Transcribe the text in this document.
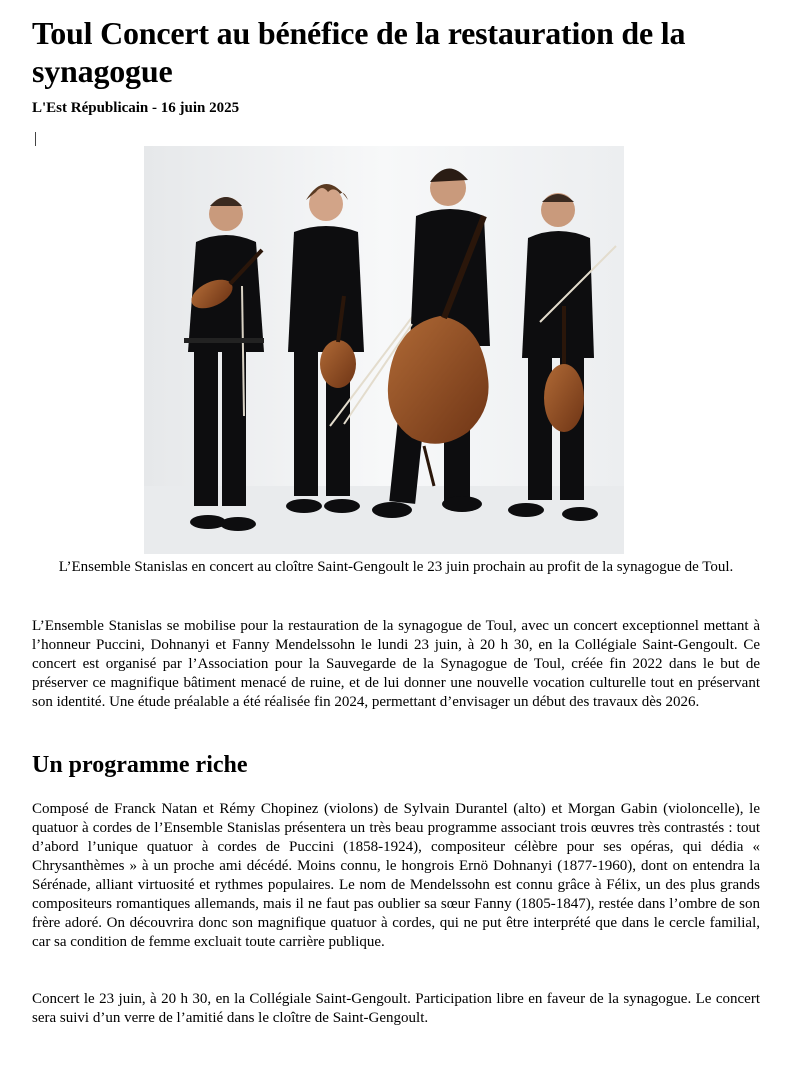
Toul Concert au bénéfice de la restauration de la synagogue
L'Est Républicain - 16 juin 2025
L’Ensemble Stanislas en concert au cloître Saint-Gengoult le 23 juin prochain au profit de la synagogue de Toul.

L’Ensemble Stanislas se mobilise pour la restauration de la synagogue de Toul, avec un concert exceptionnel mettant à l’honneur Puccini, Dohnanyi et Fanny Mendelssohn le lundi 23 juin, à 20 h 30, en la Collégiale Saint-Gengoult. Ce concert est organisé par l’Association pour la Sauvegarde de la Synagogue de Toul, créée fin 2022 dans le but de préserver ce magnifique bâtiment menacé de ruine, et de lui donner une nouvelle vocation culturelle tout en préservant son identité. Une étude préalable a été réalisée fin 2024, permettant d’envisager un début des travaux dès 2026.

Un programme riche

Composé de Franck Natan et Rémy Chopinez (violons) de Sylvain Durantel (alto) et Morgan Gabin (violoncelle), le quatuor à cordes de l’Ensemble Stanislas présentera un très beau programme associant trois œuvres très contrastés : tout d’abord l’unique quatuor à cordes de Puccini (1858-1924), compositeur célèbre pour ses opéras, qui dédia « Chrysanthèmes » à un proche ami décédé. Moins connu, le hongrois Ernö Dohnanyi (1877-1960), dont on entendra la Sérénade, alliant virtuosité et rythmes populaires. Le nom de Mendelssohn est connu grâce à Félix, un des plus grands compositeurs romantiques allemands, mais il ne faut pas oublier sa sœur Fanny (1805-1847), restée dans l’ombre de son frère adoré. On découvrira donc son magnifique quatuor à cordes, qui ne put être interprété que dans le cercle familial, car sa condition de femme excluait toute carrière publique.

Concert le 23 juin, à 20 h 30, en la Collégiale Saint-Gengoult. Participation libre en faveur de la synagogue. Le concert sera suivi d’un verre de l’amitié dans le cloître de Saint-Gengoult.
